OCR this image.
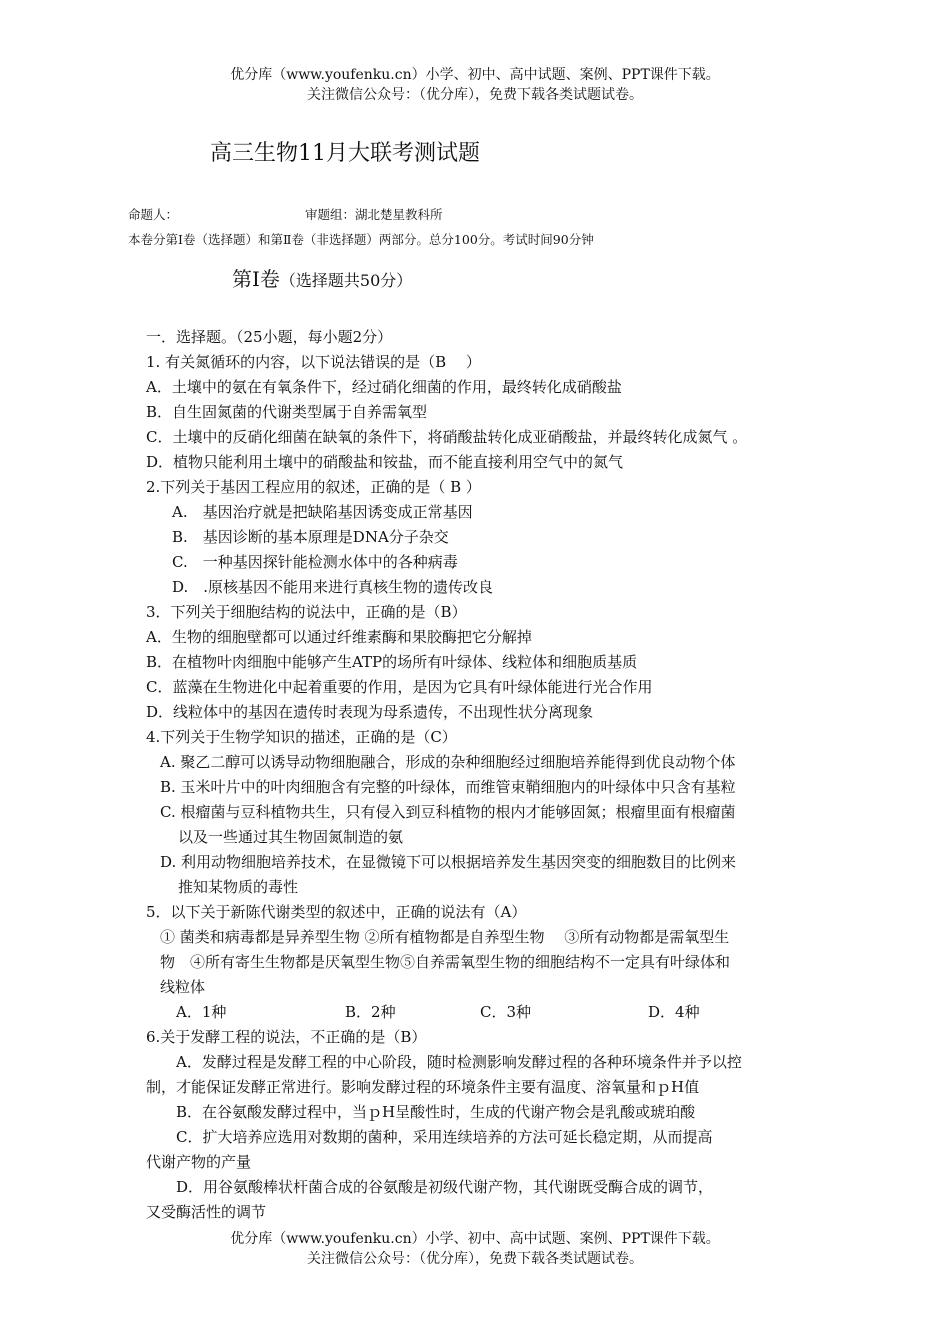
优分库（www.youfenku.cn）小学、初中、高中试题、案例、PPT课件下载。
关注微信公众号：（优分库），免费下载各类试题试卷。
高三生物11月大联考测试题
命题人：	审题组：湖北楚星教科所
本卷分第Ⅰ卷（选择题）和第Ⅱ卷（非选择题）两部分。总分100分。考试时间90分钟
第Ⅰ卷（选择题共50分）
一．选择题。（25小题，每小题2分）
1. 有关氮循环的内容，以下说法错误的是（B　 ）
A．土壤中的氨在有氧条件下，经过硝化细菌的作用，最终转化成硝酸盐
B．自生固氮菌的代谢类型属于自养需氧型
C．土壤中的反硝化细菌在缺氧的条件下，将硝酸盐转化成亚硝酸盐，并最终转化成氮气 。
D．植物只能利用土壤中的硝酸盐和铵盐，而不能直接利用空气中的氮气
2.下列关于基因工程应用的叙述，正确的是（ B ）
A.　基因治疗就是把缺陷基因诱变成正常基因
B.　基因诊断的基本原理是DNA分子杂交
C.　一种基因探针能检测水体中的各种病毒
D.　.原核基因不能用来进行真核生物的遗传改良
3．下列关于细胞结构的说法中，正确的是（B）
A．生物的细胞壁都可以通过纤维素酶和果胶酶把它分解掉
B．在植物叶肉细胞中能够产生ATP的场所有叶绿体、线粒体和细胞质基质
C．蓝藻在生物进化中起着重要的作用，是因为它具有叶绿体能进行光合作用
D．线粒体中的基因在遗传时表现为母系遗传，不出现性状分离现象
4.下列关于生物学知识的描述，正确的是（C）
A. 聚乙二醇可以诱导动物细胞融合，形成的杂种细胞经过细胞培养能得到优良动物个体
B. 玉米叶片中的叶肉细胞含有完整的叶绿体，而维管束鞘细胞内的叶绿体中只含有基粒
C. 根瘤菌与豆科植物共生，只有侵入到豆科植物的根内才能够固氮；根瘤里面有根瘤菌
以及一些通过其生物固氮制造的氨
D. 利用动物细胞培养技术，在显微镜下可以根据培养发生基因突变的细胞数目的比例来
推知某物质的毒性
5．以下关于新陈代谢类型的叙述中，正确的说法有（A）
① 菌类和病毒都是异养型生物 ②所有植物都是自养型生物　 ③所有动物都是需氧型生
物　④所有寄生生物都是厌氧型生物⑤自养需氧型生物的细胞结构不一定具有叶绿体和
线粒体
A．1种	B．2种	C．3种	D．4种
6.关于发酵工程的说法，不正确的是（B）
A．发酵过程是发酵工程的中心阶段，随时检测影响发酵过程的各种环境条件并予以控
制，才能保证发酵正常进行。影响发酵过程的环境条件主要有温度、溶氧量和ｐH值
B．在谷氨酸发酵过程中，当ｐH呈酸性时，生成的代谢产物会是乳酸或琥珀酸
C．扩大培养应选用对数期的菌种，采用连续培养的方法可延长稳定期，从而提高
代谢产物的产量
D．用谷氨酸棒状杆菌合成的谷氨酸是初级代谢产物，其代谢既受酶合成的调节，
又受酶活性的调节
优分库（www.youfenku.cn）小学、初中、高中试题、案例、PPT课件下载。
关注微信公众号：（优分库），免费下载各类试题试卷。
